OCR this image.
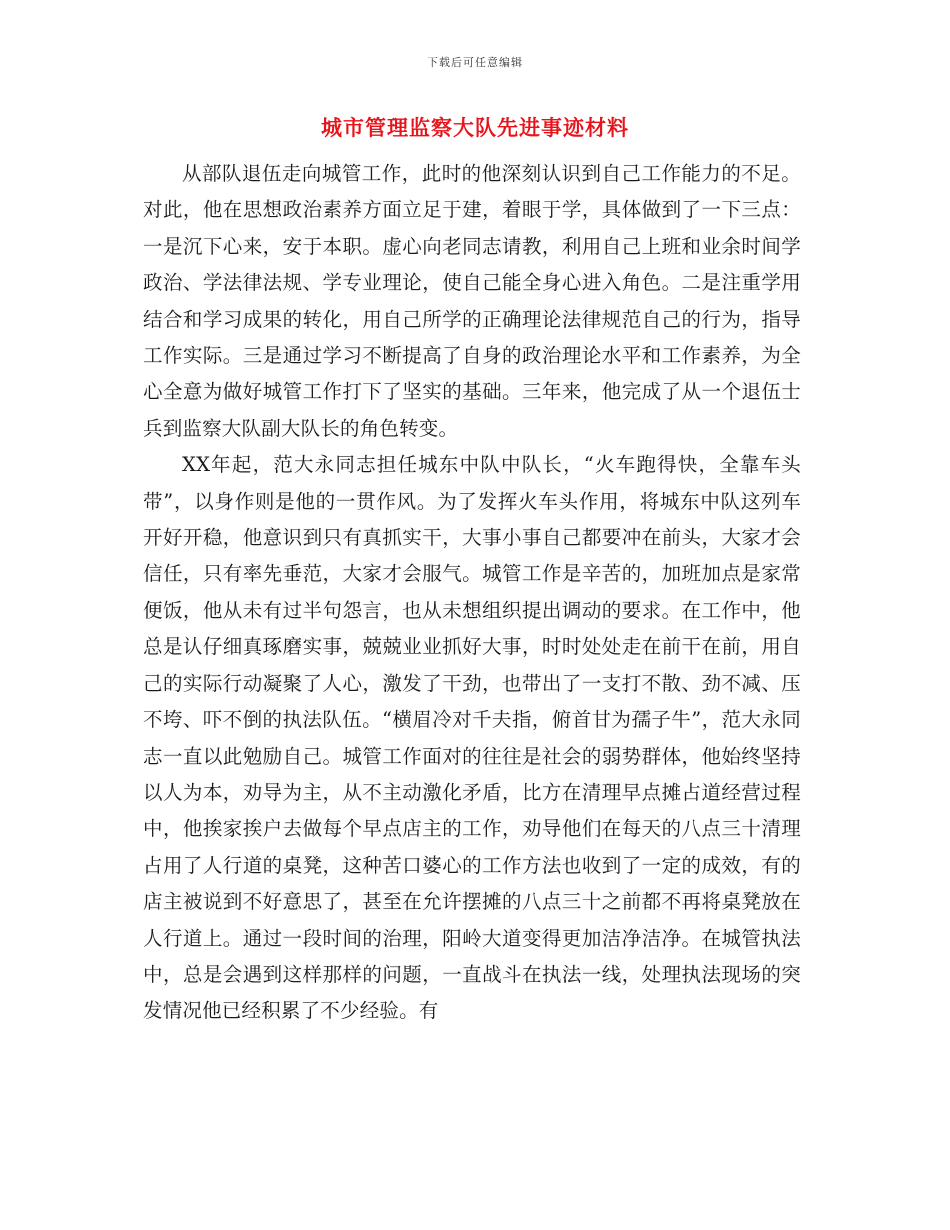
下载后可任意编辑
城市管理监察大队先进事迹材料

从部队退伍走向城管工作，此时的他深刻认识到自己工作能力的不足。对此，他在思想政治素养方面立足于建，着眼于学，具体做到了一下三点：一是沉下心来，安于本职。虚心向老同志请教，利用自己上班和业余时间学政治、学法律法规、学专业理论，使自己能全身心进入角色。二是注重学用结合和学习成果的转化，用自己所学的正确理论法律规范自己的行为，指导工作实际。三是通过学习不断提高了自身的政治理论水平和工作素养，为全心全意为做好城管工作打下了坚实的基础。三年来，他完成了从一个退伍士兵到监察大队副大队长的角色转变。

XX年起，范大永同志担任城东中队中队长，“火车跑得快，全靠车头带”，以身作则是他的一贯作风。为了发挥火车头作用，将城东中队这列车开好开稳，他意识到只有真抓实干，大事小事自己都要冲在前头，大家才会信任，只有率先垂范，大家才会服气。城管工作是辛苦的，加班加点是家常便饭，他从未有过半句怨言，也从未想组织提出调动的要求。在工作中，他总是认仔细真琢磨实事，兢兢业业抓好大事，时时处处走在前干在前，用自己的实际行动凝聚了人心，激发了干劲，也带出了一支打不散、劲不减、压不垮、吓不倒的执法队伍。“横眉冷对千夫指，俯首甘为孺子牛”，范大永同志一直以此勉励自己。城管工作面对的往往是社会的弱势群体，他始终坚持以人为本，劝导为主，从不主动激化矛盾，比方在清理早点摊占道经营过程中，他挨家挨户去做每个早点店主的工作，劝导他们在每天的八点三十清理占用了人行道的桌凳，这种苦口婆心的工作方法也收到了一定的成效，有的店主被说到不好意思了，甚至在允许摆摊的八点三十之前都不再将桌凳放在人行道上。通过一段时间的治理，阳岭大道变得更加洁净洁净。在城管执法中，总是会遇到这样那样的问题，一直战斗在执法一线，处理执法现场的突发情况他已经积累了不少经验。有
